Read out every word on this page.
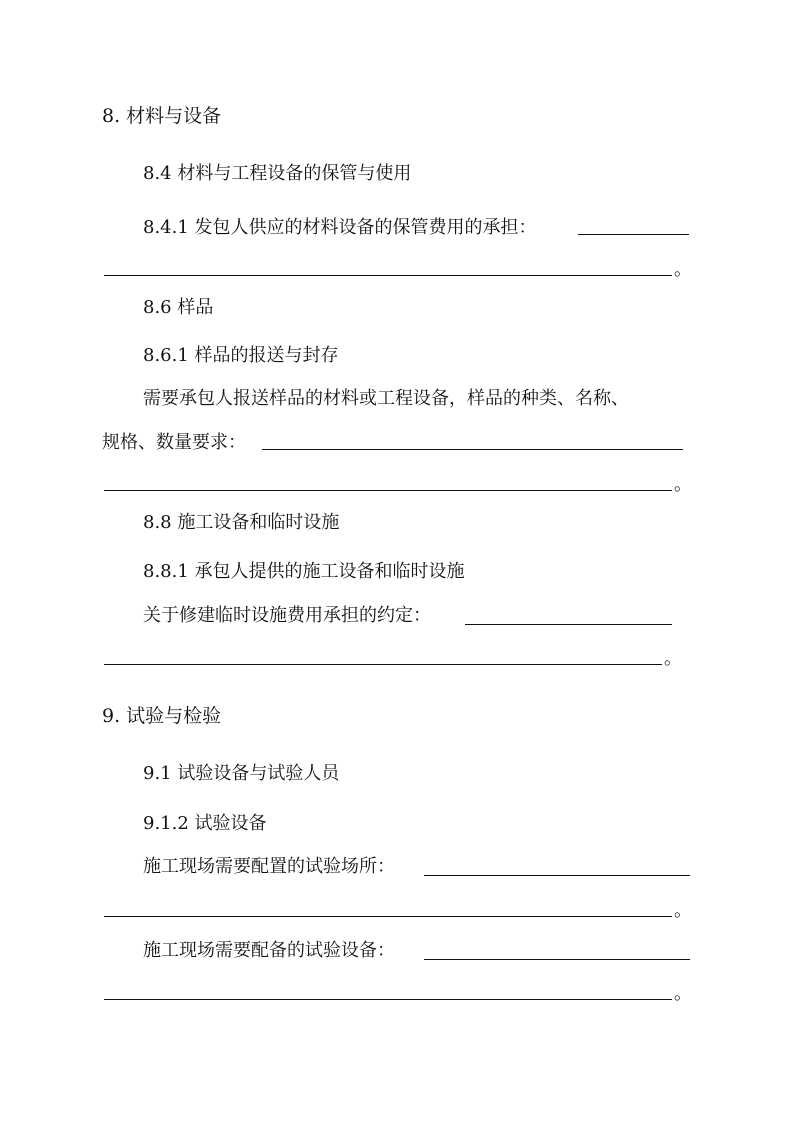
8. 材料与设备
8.4 材料与工程设备的保管与使用
8.4.1 发包人供应的材料设备的保管费用的承担：
。
8.6 样品
8.6.1 样品的报送与封存
需要承包人报送样品的材料或工程设备，样品的种类、名称、
规格、数量要求：
。
8.8 施工设备和临时设施
8.8.1 承包人提供的施工设备和临时设施
关于修建临时设施费用承担的约定：
。
9. 试验与检验
9.1 试验设备与试验人员
9.1.2 试验设备
施工现场需要配置的试验场所：
。
施工现场需要配备的试验设备：
。
